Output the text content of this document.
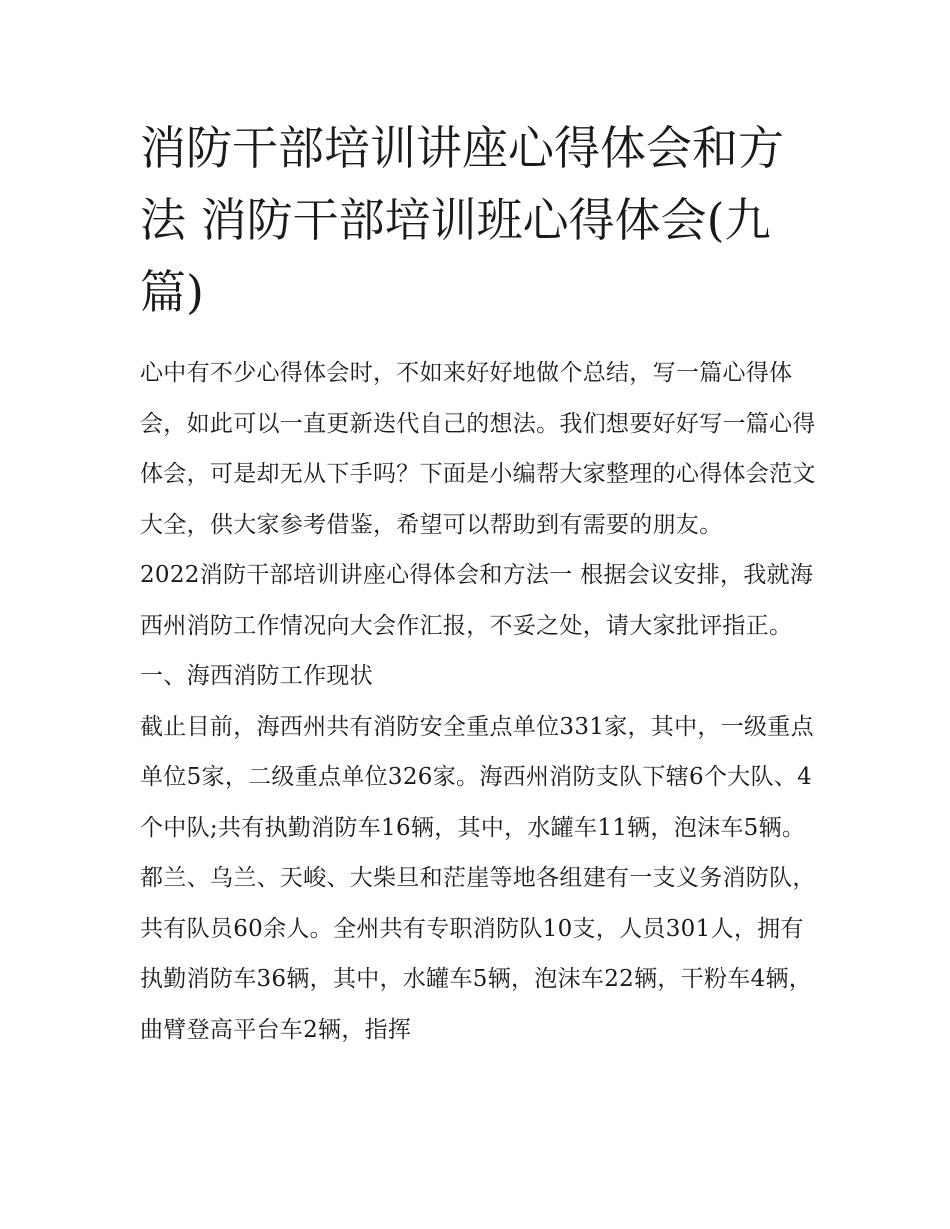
消防干部培训讲座心得体会和方法 消防干部培训班心得体会(九篇)

心中有不少心得体会时，不如来好好地做个总结，写一篇心得体会，如此可以一直更新迭代自己的想法。我们想要好好写一篇心得体会，可是却无从下手吗？下面是小编帮大家整理的心得体会范文大全，供大家参考借鉴，希望可以帮助到有需要的朋友。

2022消防干部培训讲座心得体会和方法一 根据会议安排，我就海西州消防工作情况向大会作汇报，不妥之处，请大家批评指正。 一、海西消防工作现状

截止目前，海西州共有消防安全重点单位331家，其中，一级重点单位5家，二级重点单位326家。海西州消防支队下辖6个大队、4个中队;共有执勤消防车16辆，其中，水罐车11辆，泡沫车5辆。都兰、乌兰、天峻、大柴旦和茫崖等地各组建有一支义务消防队，共有队员60余人。全州共有专职消防队10支，人员301人，拥有执勤消防车36辆，其中，水罐车5辆，泡沫车22辆，干粉车4辆，曲臂登高平台车2辆，指挥
